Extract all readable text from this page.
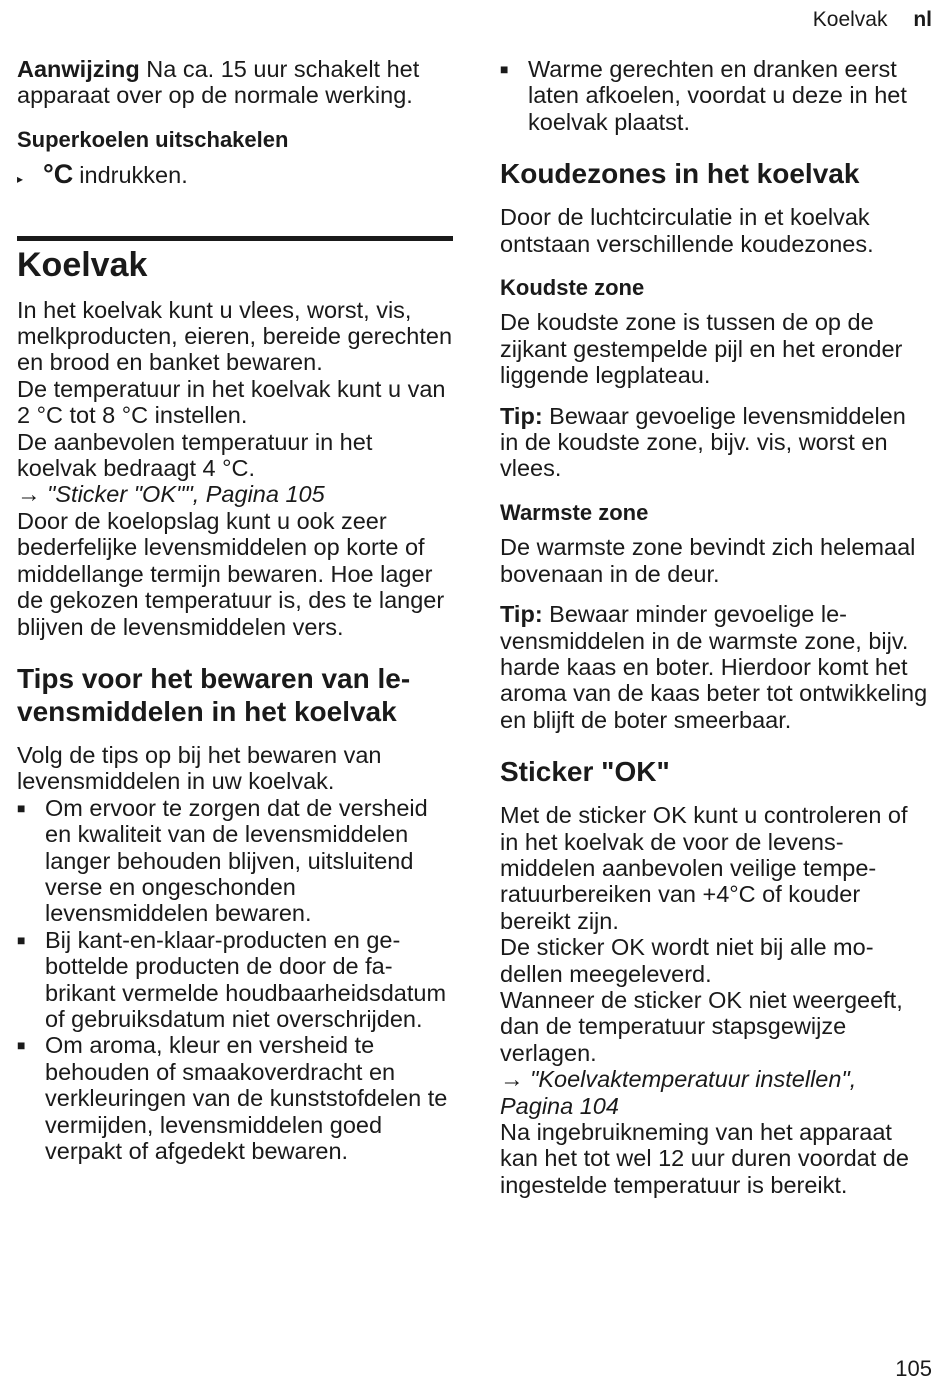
Koelvak nl

Aanwijzing Na ca. 15 uur schakelt het apparaat over op de normale werking.

Superkoelen uitschakelen
▸ °C indrukken.
Koelvak

In het koelvak kunt u vlees, worst, vis, melkproducten, eieren, bereide gerechten en brood en banket bewaren.

De temperatuur in het koelvak kunt u van 2 °C tot 8 °C instellen.

De aanbevolen temperatuur in het koelvak bedraagt 4 °C.

→ "Sticker "OK"", Pagina 105

Door de koelopslag kunt u ook zeer bederfelijke levensmiddelen op korte of middellange termijn bewaren. Hoe lager de gekozen temperatuur is, des te langer blijven de levensmiddelen vers.

Tips voor het bewaren van levensmiddelen in het koelvak

Volg de tips op bij het bewaren van levensmiddelen in uw koelvak.

■ Om ervoor te zorgen dat de versheid en kwaliteit van de levensmiddelen langer behouden blijven, uitsluitend verse en ongeschonden levensmiddelen bewaren.
■ Bij kant-en-klaar-producten en gebottelde producten de door de fabrikant vermelde houdbaarheidsdatum of gebruiksdatum niet overschrijden.
■ Om aroma, kleur en versheid te behouden of smaakoverdracht en verkleuringen van de kunststofdelen te vermijden, levensmiddelen goed verpakt of afgedekt bewaren.
■ Warme gerechten en dranken eerst laten afkoelen, voordat u deze in het koelvak plaatst.
Koudezones in het koelvak

Door de luchtcirculatie in et koelvak ontstaan verschillende koudezones.

Koudste zone

De koudste zone is tussen de op de zijkant gestempelde pijl en het eronder liggende legplateau.

Tip: Bewaar gevoelige levensmiddelen in de koudste zone, bijv. vis, worst en vlees.

Warmste zone

De warmste zone bevindt zich helemaal bovenaan in de deur.

Tip: Bewaar minder gevoelige levensmiddelen in de warmste zone, bijv. harde kaas en boter. Hierdoor komt het aroma van de kaas beter tot ontwikkeling en blijft de boter smeerbaar.

Sticker "OK"

Met de sticker OK kunt u controleren of in het koelvak de voor de levensmiddelen aanbevolen veilige temperatuurbereiken van +4°C of kouder bereikt zijn.

De sticker OK wordt niet bij alle modellen meegeleverd.

Wanneer de sticker OK niet weergeeft, dan de temperatuur stapsgewijze verlagen.

→ "Koelvaktemperatuur instellen", Pagina 104

Na ingebruikneming van het apparaat kan het tot wel 12 uur duren voordat de ingestelde temperatuur is bereikt.

105
